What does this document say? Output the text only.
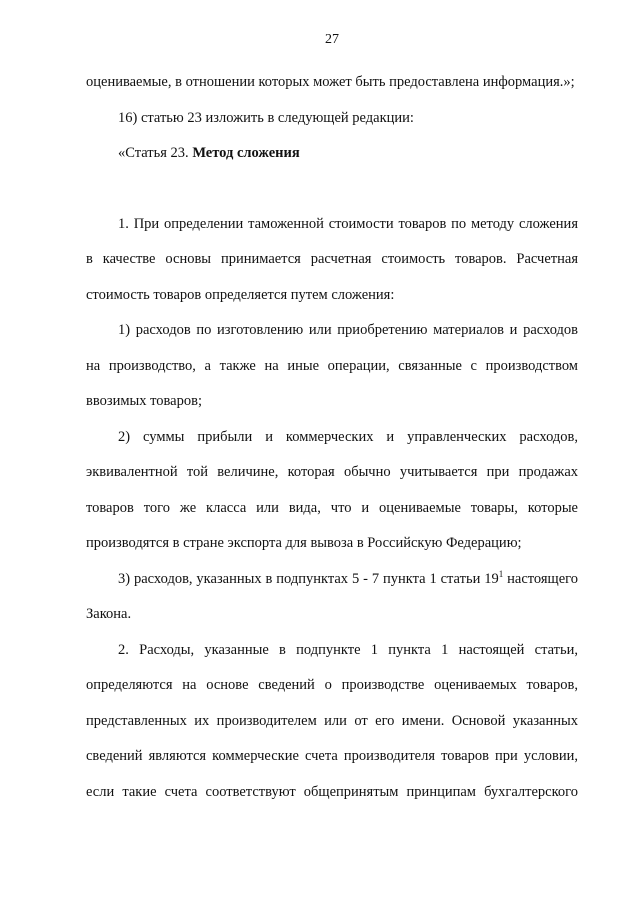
27

оцениваемые, в отношении которых может быть предоставлена информация.»;

16) статью 23 изложить в следующей редакции:

«Статья 23. Метод сложения

1. При определении таможенной стоимости товаров по методу сложения в качестве основы принимается расчетная стоимость товаров. Расчетная стоимость товаров определяется путем сложения:

1) расходов по изготовлению или приобретению материалов и расходов на производство, а также на иные операции, связанные с производством ввозимых товаров;

2) суммы прибыли и коммерческих и управленческих расходов, эквивалентной той величине, которая обычно учитывается при продажах товаров того же класса или вида, что и оцениваемые товары, которые производятся в стране экспорта для вывоза в Российскую Федерацию;

3) расходов, указанных в подпунктах 5 - 7 пункта 1 статьи $19^1$ настоящего Закона.

2. Расходы, указанные в подпункте 1 пункта 1 настоящей статьи, определяются на основе сведений о производстве оцениваемых товаров, представленных их производителем или от его имени. Основой указанных сведений являются коммерческие счета производителя товаров при условии, если такие счета соответствуют общепринятым принципам бухгалтерского
